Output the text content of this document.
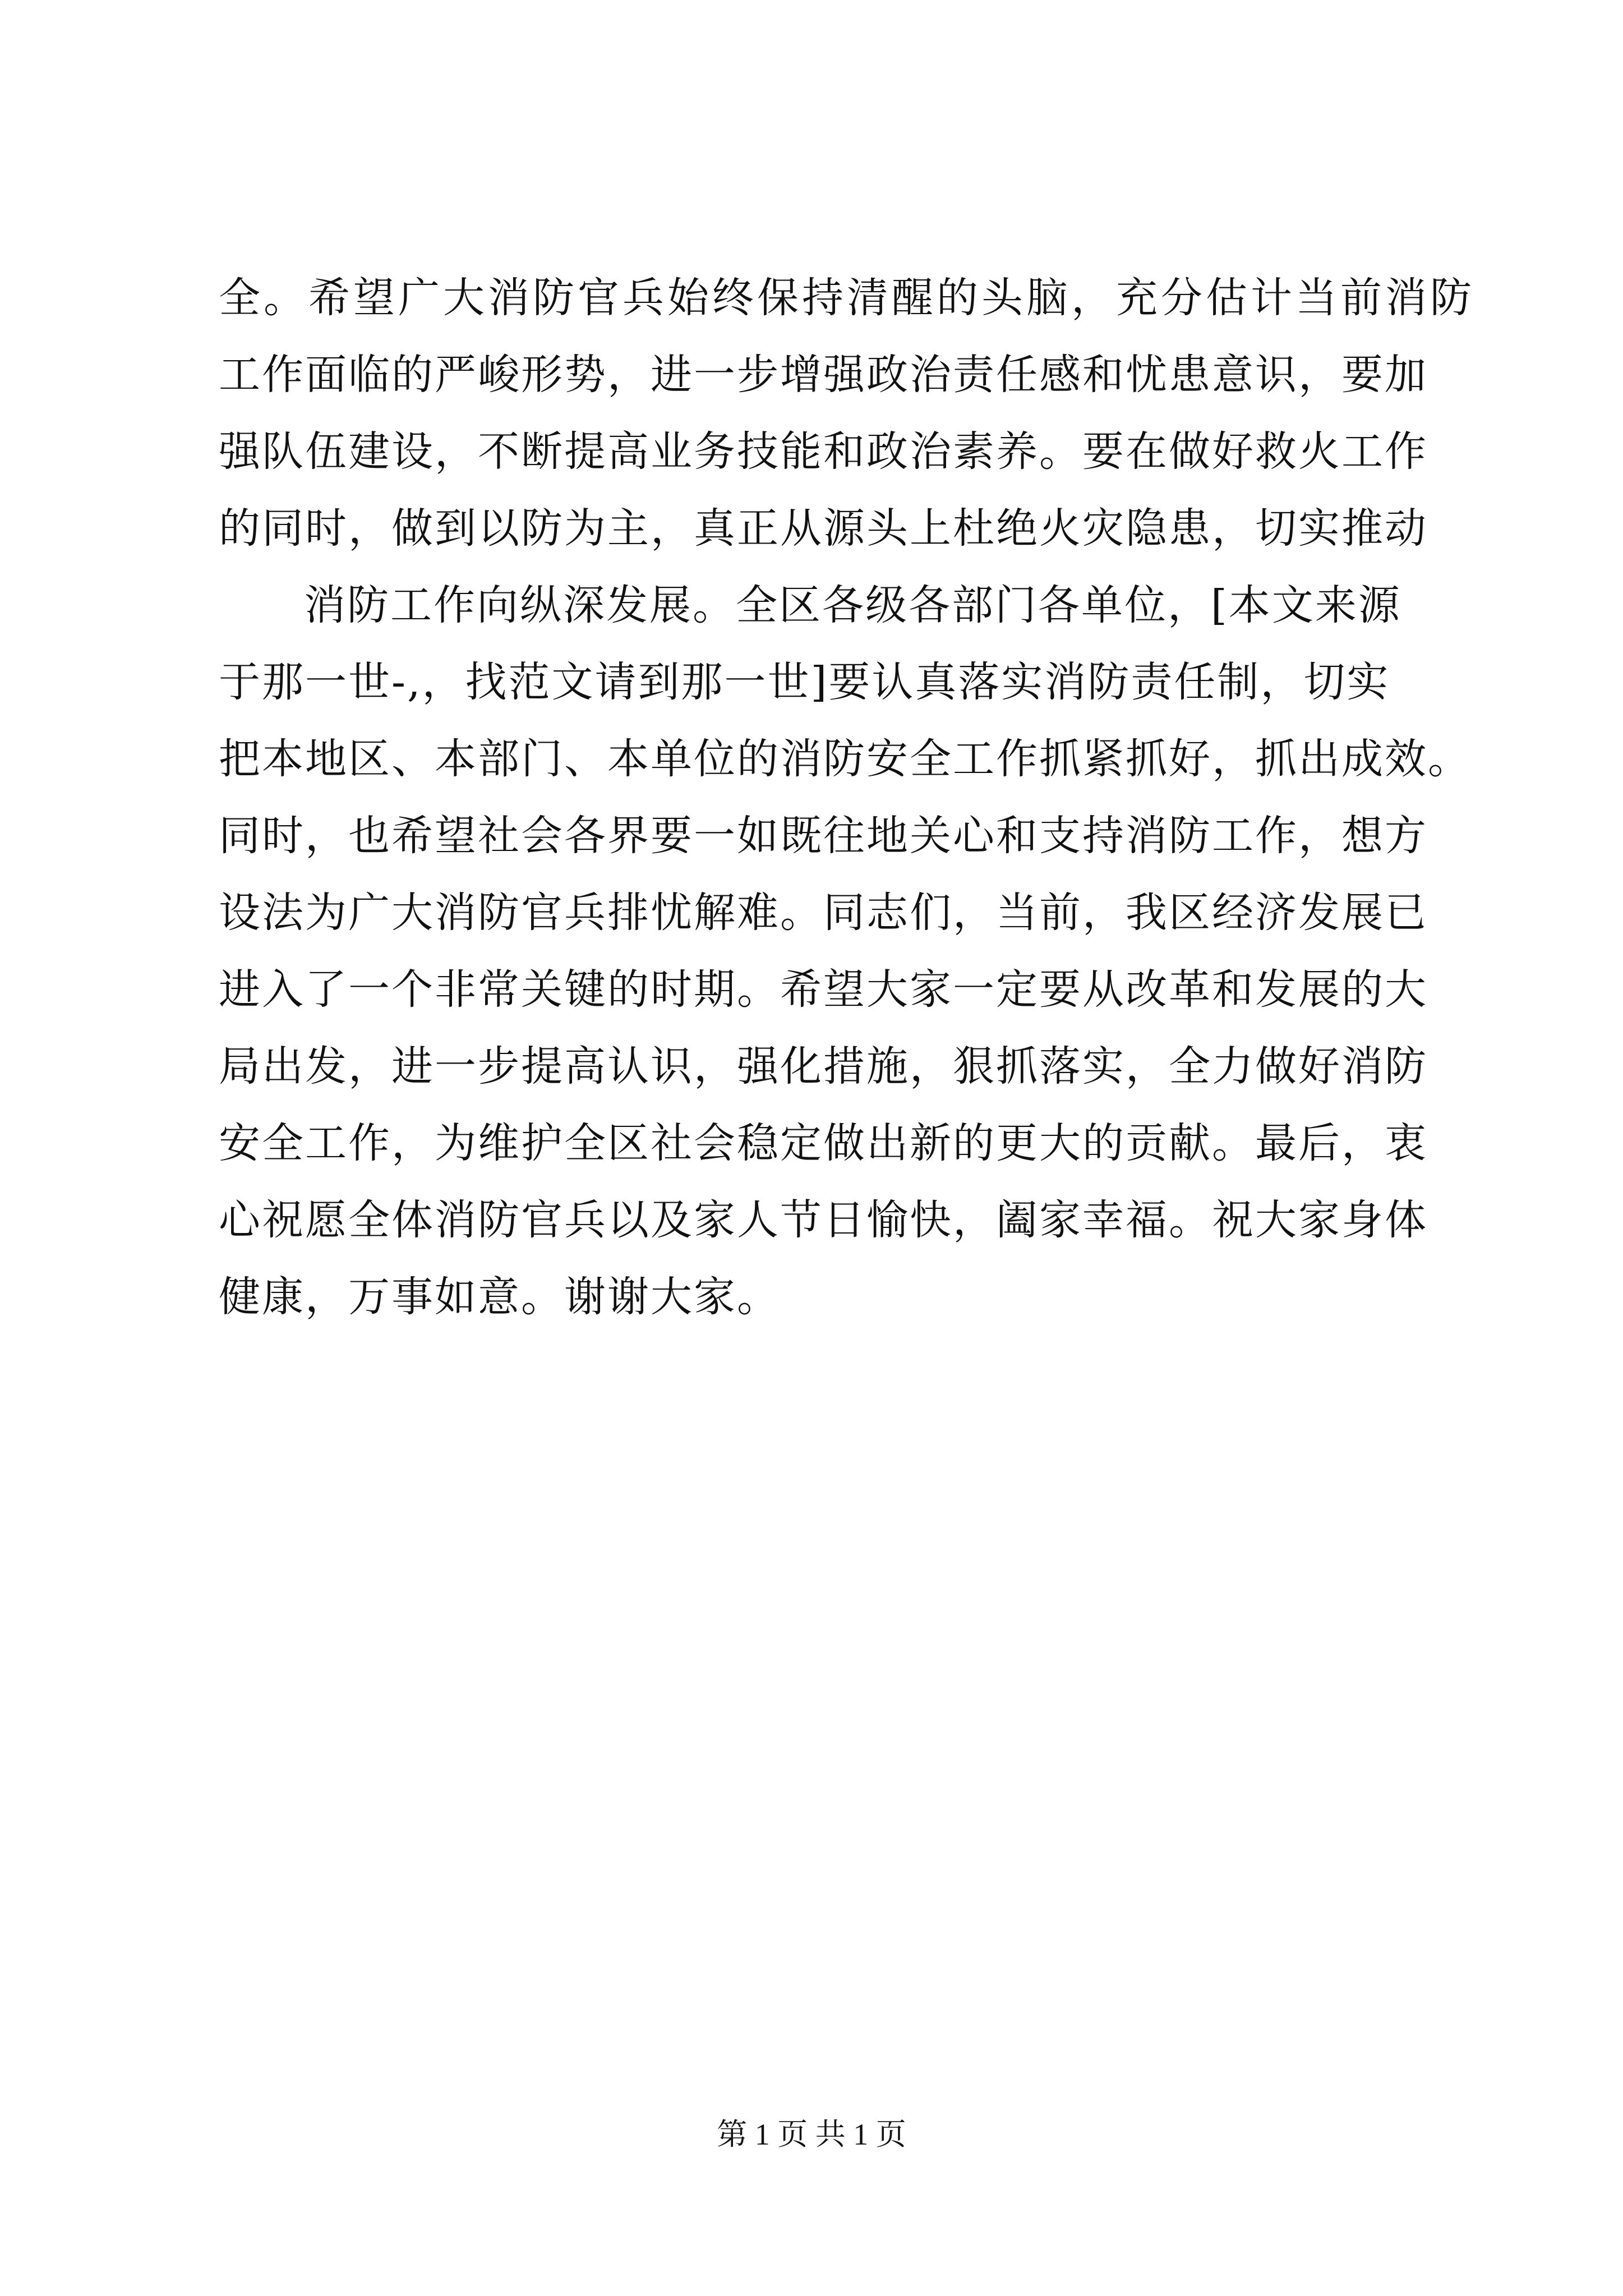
全。希望广大消防官兵始终保持清醒的头脑，充分估计当前消防
工作面临的严峻形势，进一步增强政治责任感和忧患意识，要加
强队伍建设，不断提高业务技能和政治素养。要在做好救火工作
的同时，做到以防为主，真正从源头上杜绝火灾隐患，切实推动
消防工作向纵深发展。全区各级各部门各单位，[本文来源
于那一世-,，找范文请到那一世]要认真落实消防责任制，切实
把本地区、本部门、本单位的消防安全工作抓紧抓好，抓出成效。
同时，也希望社会各界要一如既往地关心和支持消防工作，想方
设法为广大消防官兵排忧解难。同志们，当前，我区经济发展已
进入了一个非常关键的时期。希望大家一定要从改革和发展的大
局出发，进一步提高认识，强化措施，狠抓落实，全力做好消防
安全工作，为维护全区社会稳定做出新的更大的贡献。最后，衷
心祝愿全体消防官兵以及家人节日愉快，阖家幸福。祝大家身体
健康，万事如意。谢谢大家。
第 1 页 共 1 页
